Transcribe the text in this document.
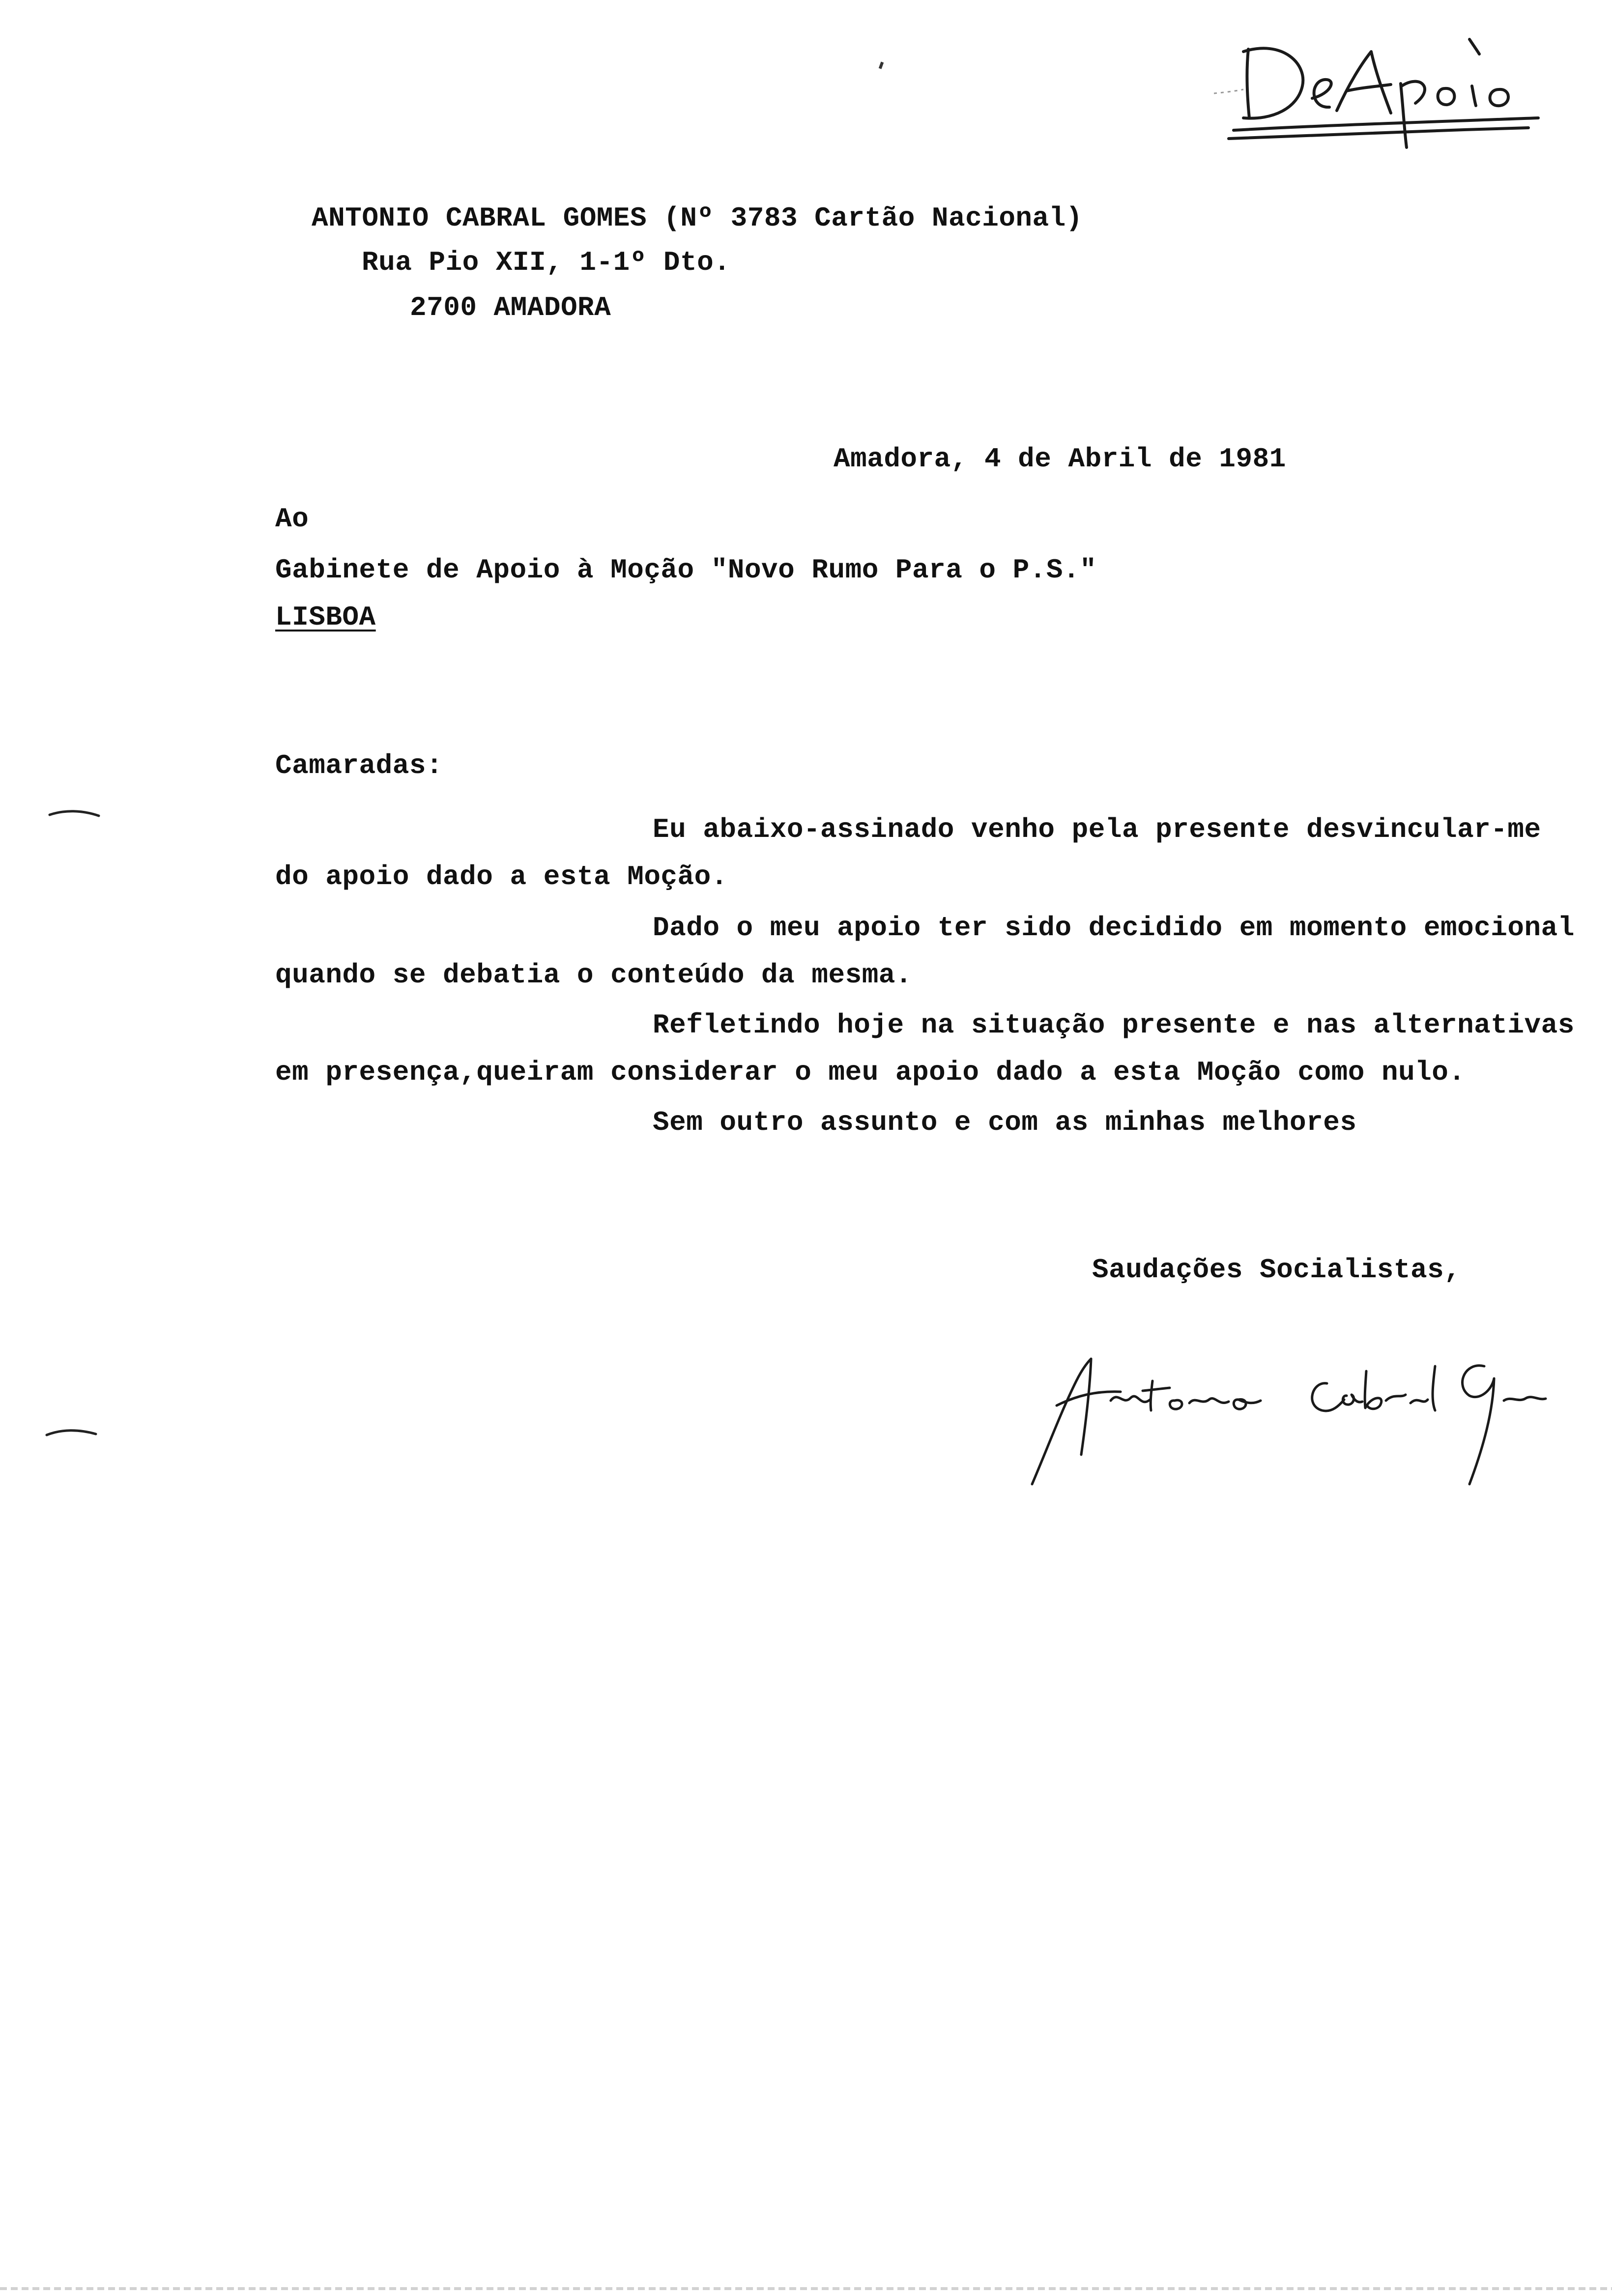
ANTONIO CABRAL GOMES (Nº 3783 Cartão Nacional)
Rua Pio XII, 1-1º Dto.
2700 AMADORA
Amadora, 4 de Abril de 1981
Ao
Gabinete de Apoio à Moção "Novo Rumo Para o P.S."
LISBOA
Camaradas:
Eu abaixo-assinado venho pela presente desvincular-me
do apoio dado a esta Moção.
Dado o meu apoio ter sido decidido em momento emocional
quando se debatia o conteúdo da mesma.
Refletindo hoje na situação presente e nas alternativas
em presença,queiram considerar o meu apoio dado a esta Moção como nulo.
Sem outro assunto e com as minhas melhores
Saudações Socialistas,
